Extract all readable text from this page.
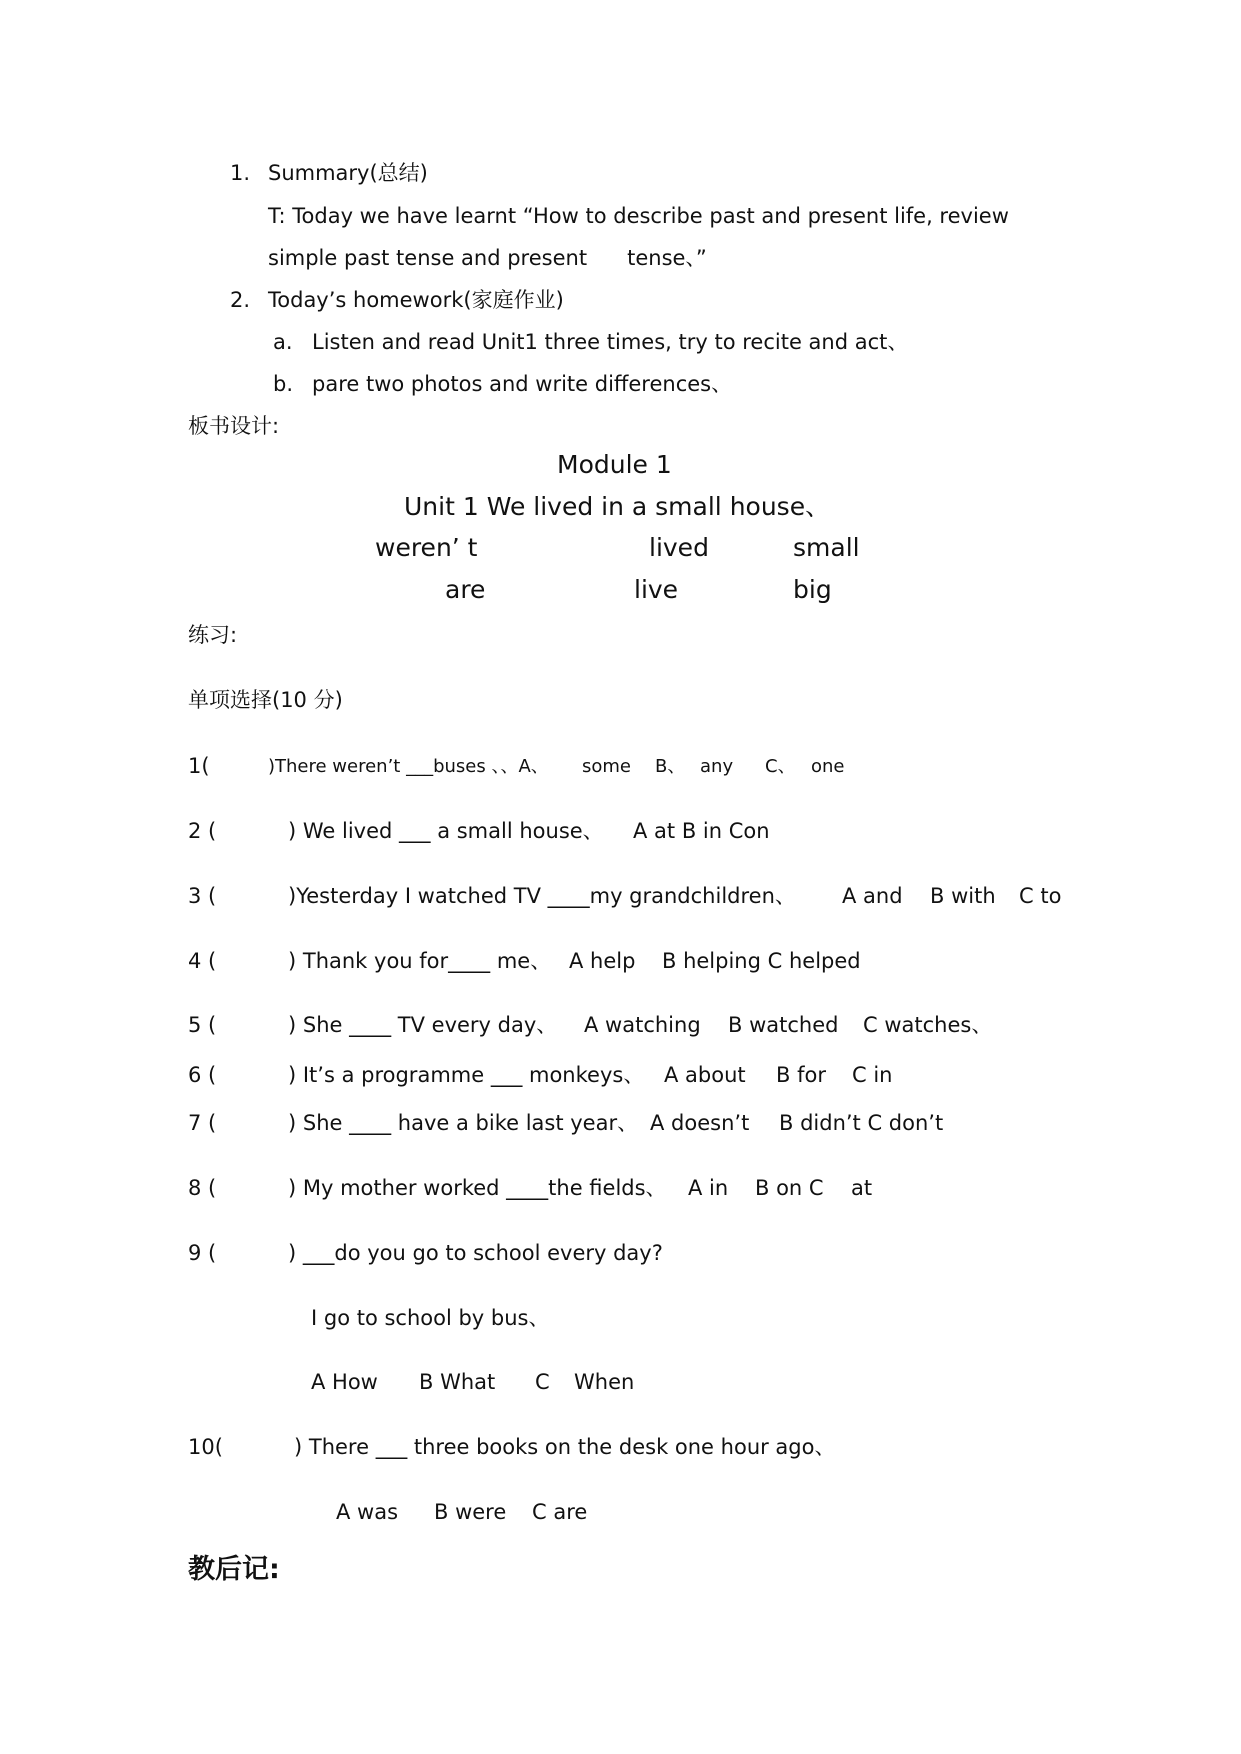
1. Summary(总结)
T: Today we have learnt “How to describe past and present life, review
simple past tense and present      tense、”
2. Today’s homework(家庭作业)
a. Listen and read Unit1 three times, try to recite and act、
b. pare two photos and write differences、
板书设计:
Module 1
Unit 1 We lived in a small house、
weren’ t	lived	small
are	live	big
练习:
单项选择(10 分)
1(	)There weren’t ___buses 、、A、 some B、 any C、 one
2 (	) We lived ___ a small house、 A at B in Con
3 (	)Yesterday I watched TV ____my grandchildren、 A and B with C to
4 (	) Thank you for____ me、 A help B helping C helped
5 (	) She ____ TV every day、 A watching B watched C watches、
6 (	) It’s a programme ___ monkeys、 A about B for C in
7 (	) She ____ have a bike last year、 A doesn’t B didn’t C don’t
8 (	) My mother worked ____the fields、 A in B on C at
9 (	) ___do you go to school every day?
I go to school by bus、
A How B What C When
10(	) There ___ three books on the desk one hour ago、
A was B were C are
教后记:
